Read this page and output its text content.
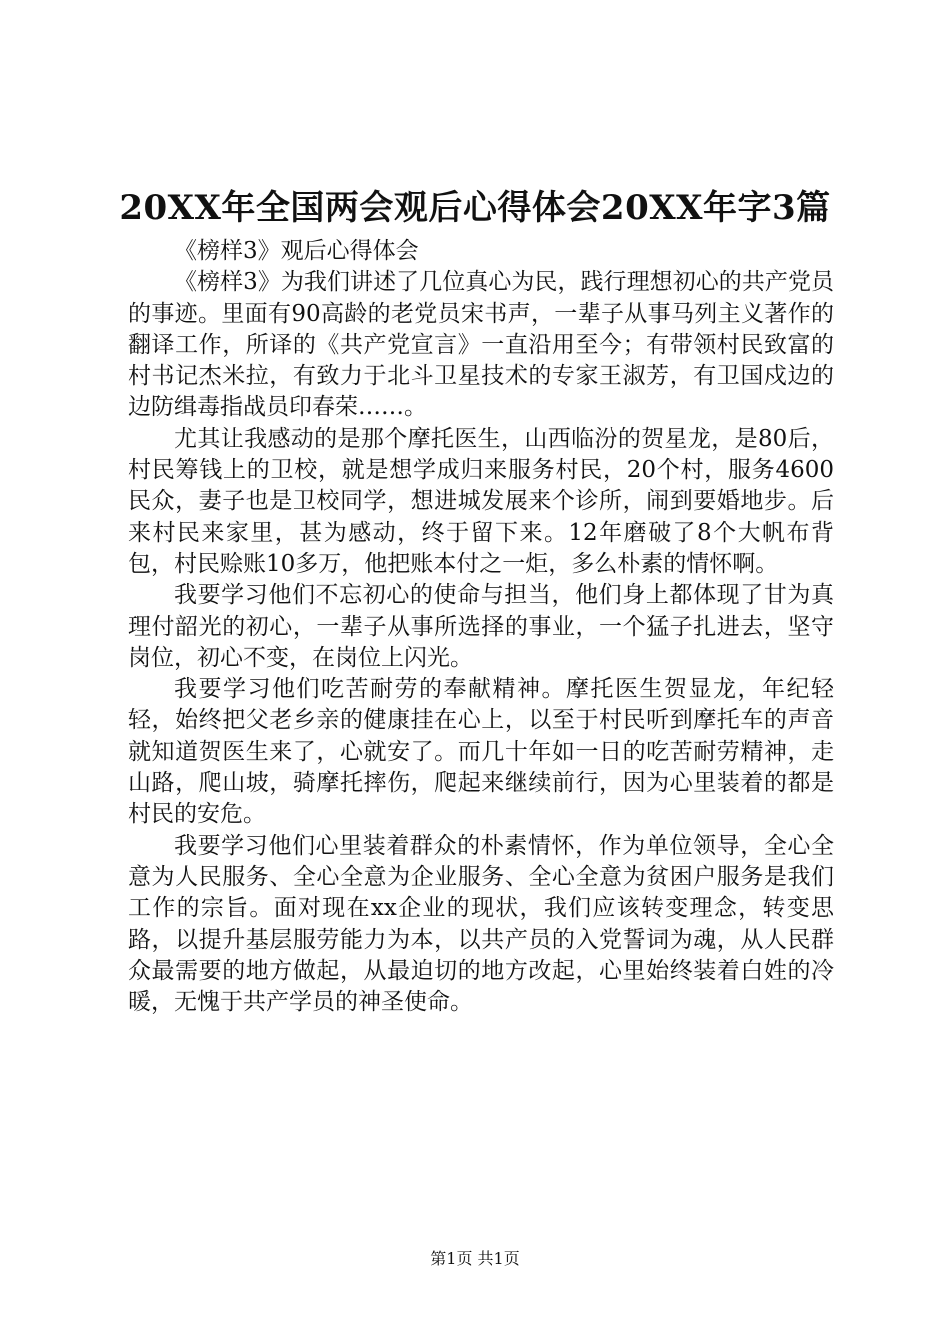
20XX年全国两会观后心得体会20XX年字3篇

《榜样3》观后心得体会

《榜样3》为我们讲述了几位真心为民，践行理想初心的共产党员的事迹。里面有90高龄的老党员宋书声，一辈子从事马列主义著作的翻译工作，所译的《共产党宣言》一直沿用至今；有带领村民致富的村书记杰米拉，有致力于北斗卫星技术的专家王淑芳，有卫国戍边的边防缉毒指战员印春荣……。

尤其让我感动的是那个摩托医生，山西临汾的贺星龙，是80后，村民筹钱上的卫校，就是想学成归来服务村民，20个村，服务4600民众，妻子也是卫校同学，想进城发展来个诊所，闹到要婚地步。后来村民来家里，甚为感动，终于留下来。12年磨破了8个大帆布背包，村民赊账10多万，他把账本付之一炬，多么朴素的情怀啊。

我要学习他们不忘初心的使命与担当，他们身上都体现了甘为真理付韶光的初心，一辈子从事所选择的事业，一个猛子扎进去，坚守岗位，初心不变，在岗位上闪光。

我要学习他们吃苦耐劳的奉献精神。摩托医生贺显龙，年纪轻轻，始终把父老乡亲的健康挂在心上，以至于村民听到摩托车的声音就知道贺医生来了，心就安了。而几十年如一日的吃苦耐劳精神，走山路，爬山坡，骑摩托摔伤，爬起来继续前行，因为心里装着的都是村民的安危。

我要学习他们心里装着群众的朴素情怀，作为单位领导，全心全意为人民服务、全心全意为企业服务、全心全意为贫困户服务是我们工作的宗旨。面对现在xx企业的现状，我们应该转变理念，转变思路，以提升基层服劳能力为本，以共产员的入党誓词为魂，从人民群众最需要的地方做起，从最迫切的地方改起，心里始终装着白姓的冷暖，无愧于共产学员的神圣使命。

第1页 共1页
